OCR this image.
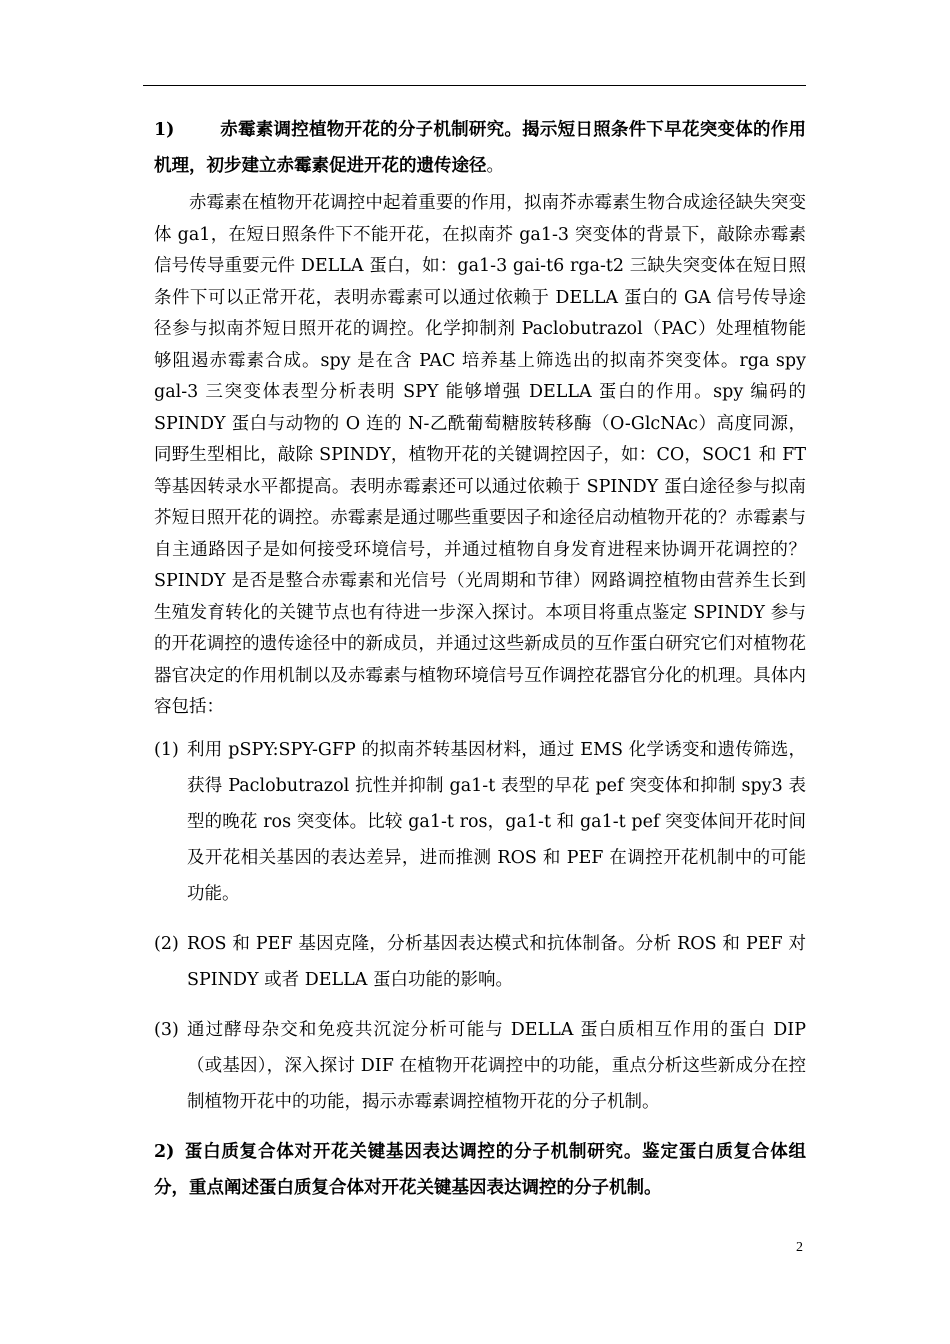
1)	赤霉素调控植物开花的分子机制研究。揭示短日照条件下早花突变体的作用机理，初步建立赤霉素促进开花的遗传途径。

赤霉素在植物开花调控中起着重要的作用，拟南芥赤霉素生物合成途径缺失突变体 ga1，在短日照条件下不能开花，在拟南芥 ga1-3 突变体的背景下，敲除赤霉素信号传导重要元件 DELLA 蛋白，如：ga1-3 gai-t6 rga-t2 三缺失突变体在短日照条件下可以正常开花，表明赤霉素可以通过依赖于 DELLA 蛋白的 GA 信号传导途径参与拟南芥短日照开花的调控。化学抑制剂 Paclobutrazol（PAC）处理植物能够阻遏赤霉素合成。spy 是在含 PAC 培养基上筛选出的拟南芥突变体。rga spy gal-3 三突变体表型分析表明 SPY 能够增强 DELLA 蛋白的作用。spy 编码的 SPINDY 蛋白与动物的 O 连的 N-乙酰葡萄糖胺转移酶（O-GlcNAc）高度同源，同野生型相比，敲除 SPINDY，植物开花的关键调控因子，如：CO，SOC1 和 FT 等基因转录水平都提高。表明赤霉素还可以通过依赖于 SPINDY 蛋白途径参与拟南芥短日照开花的调控。赤霉素是通过哪些重要因子和途径启动植物开花的？赤霉素与自主通路因子是如何接受环境信号，并通过植物自身发育进程来协调开花调控的？SPINDY 是否是整合赤霉素和光信号（光周期和节律）网路调控植物由营养生长到生殖发育转化的关键节点也有待进一步深入探讨。本项目将重点鉴定 SPINDY 参与的开花调控的遗传途径中的新成员，并通过这些新成员的互作蛋白研究它们对植物花器官决定的作用机制以及赤霉素与植物环境信号互作调控花器官分化的机理。具体内容包括：

(1) 利用 pSPY:SPY-GFP 的拟南芥转基因材料，通过 EMS 化学诱变和遗传筛选，获得 Paclobutrazol 抗性并抑制 ga1-t 表型的早花 pef 突变体和抑制 spy3 表型的晚花 ros 突变体。比较 ga1-t ros，ga1-t 和 ga1-t pef 突变体间开花时间及开花相关基因的表达差异，进而推测 ROS 和 PEF 在调控开花机制中的可能功能。
(2) ROS 和 PEF 基因克隆，分析基因表达模式和抗体制备。分析 ROS 和 PEF 对 SPINDY 或者 DELLA 蛋白功能的影响。
(3) 通过酵母杂交和免疫共沉淀分析可能与 DELLA 蛋白质相互作用的蛋白 DIP（或基因），深入探讨 DIF 在植物开花调控中的功能，重点分析这些新成分在控制植物开花中的功能，揭示赤霉素调控植物开花的分子机制。

2) 蛋白质复合体对开花关键基因表达调控的分子机制研究。鉴定蛋白质复合体组分，重点阐述蛋白质复合体对开花关键基因表达调控的分子机制。

2
